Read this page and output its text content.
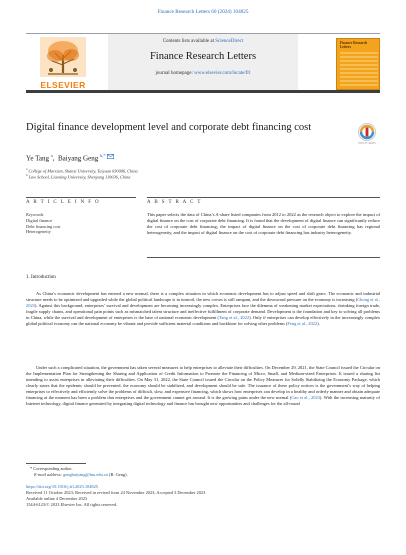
Finance Research Letters 60 (2024) 104825
ELSEVIER
Contents lists available at ScienceDirect
Finance Research Letters
journal homepage: www.elsevier.com/locate/frl
Finance Research Letters
Digital finance development level and corporate debt financing cost
Check for updates
Ye Tang $^a$,  Baiyang Geng $^{b,*}$
$^a$ College of Marxism, Shanxi University, Taiyuan 030006, China
$^b$ Law School, Liaoning University, Shenyang 110036, China
A R T I C L E I N F O	A B S T R A C T
Keywords
Digital finance
Debt financing cost
Heterogeneity
This paper selects the data of China’s A-share listed companies from 2012 to 2022 as the research object to explore the impact of digital finance on the cost of corporate debt financing. It is found that the development of digital finance can significantly reduce the cost of corporate debt financing; the impact of digital finance on the cost of corporate debt financing has regional heterogeneity, and the impact of digital finance on the cost of corporate debt financing has industry heterogeneity.
1. Introduction
As China’s economic development has entered a new normal, there is a complex situation in which economic development has to adjust speed and shift gears. The economic and industrial structure needs to be optimized and upgraded while the global political landscape is in turmoil, the new crown is still rampant, and the downward pressure on the economy is increasing (Chong et al., 2023). Against this background, enterprises’ survival and development are becoming increasingly complex. Enterprises face the dilemma of weakening market expectations, shrinking foreign trade, fragile supply chains, and operational pain points such as mismatched talent structure and ineffective fulfillment of corporate demand. Development is the foundation and key to solving all problems in China, while the survival and development of enterprises is the base of national economic development (Tang et al., 2022). Only if enterprises can develop effectively in the increasingly complex global political economy can the national economy be vibrant and provide sufficient material conditions and backbone for solving other problems (Feng et al., 2022).
Under such a complicated situation, the government has taken several measures to help enterprises to alleviate their difficulties. On December 29, 2021, the State Council issued the Circular on the Implementation Plan for Strengthening the Sharing and Application of Credit Information to Promote the Financing of Micro, Small, and Medium-sized Enterprises. It issued a sharing list intending to assist enterprises in alleviating their difficulties. On May 31, 2022, the State Council issued the Circular on the Policy Measures for Solidly Stabilizing the Economy Package, which clearly states that the epidemic should be prevented, the economy should be stabilized, and development should be safe. The issuance of these policy notices is the government’s way of helping enterprises to effectively and efficiently solve the problems of difficult, slow, and expensive financing, which shows how enterprises can develop in a healthy and orderly manner and obtain adequate financing at the moment has been a problem that enterprises and the government cannot get around. It is the growing pains under the new normal (Cao et al., 2023). With the increasing maturity of Internet technology, digital finance generated by integrating digital technology and finance has brought new opportunities and challenges for the all-round
* Corresponding author.
E-mail address: gengbaiyang@lnu.edu.cn (B. Geng).
https://doi.org/10.1016/j.frl.2023.104825
Received 11 October 2023; Received in revised form 24 November 2023; Accepted 3 December 2023
Available online 4 December 2023
1544-6123/© 2023 Elsevier Inc. All rights reserved.
